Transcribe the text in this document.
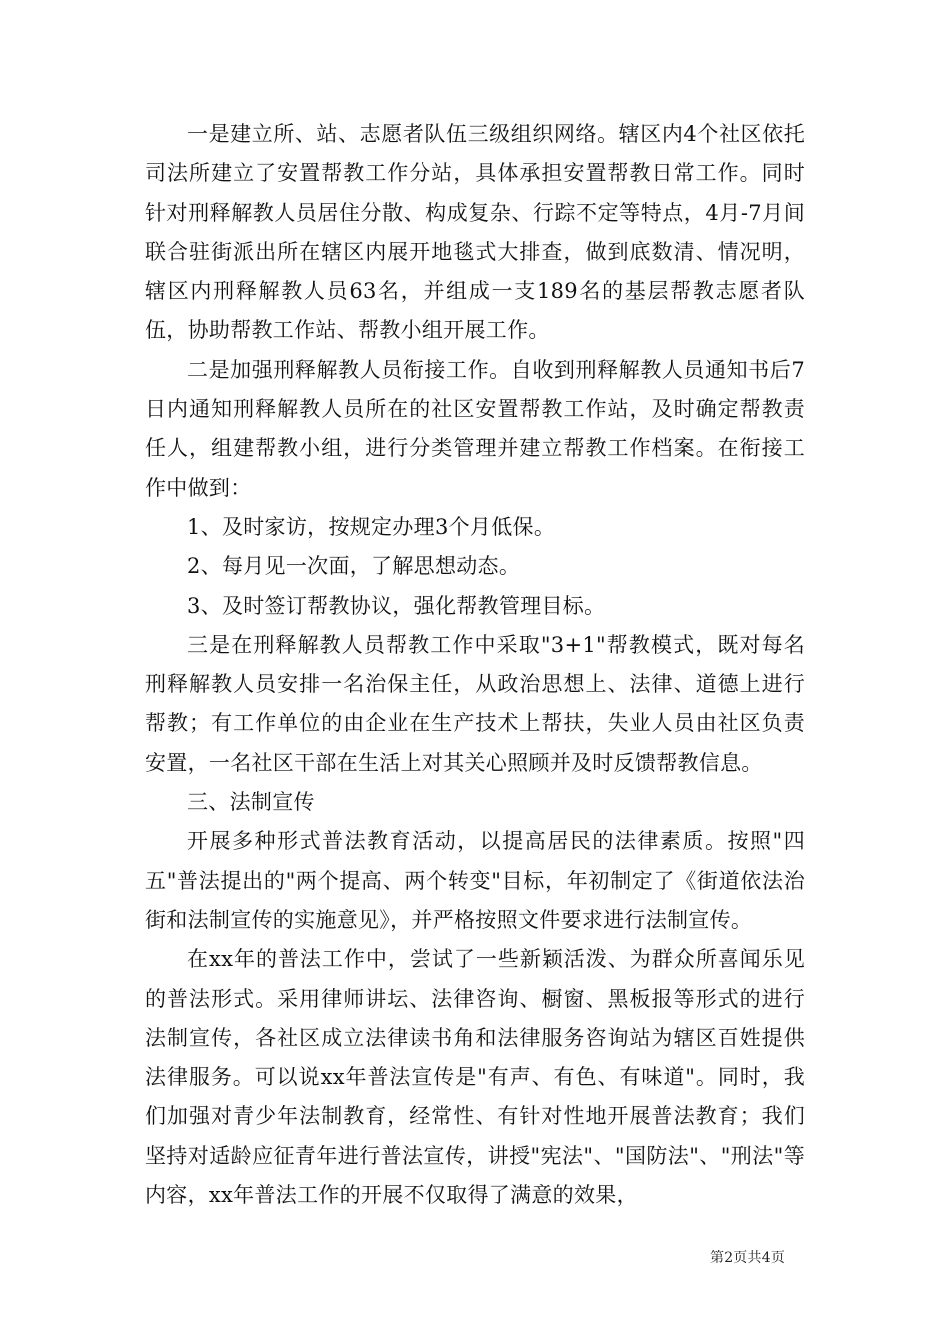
一是建立所、站、志愿者队伍三级组织网络。辖区内4个社区依托司法所建立了安置帮教工作分站，具体承担安置帮教日常工作。同时针对刑释解教人员居住分散、构成复杂、行踪不定等特点，4月-7月间联合驻街派出所在辖区内展开地毯式大排查，做到底数清、情况明，辖区内刑释解教人员63名，并组成一支189名的基层帮教志愿者队伍，协助帮教工作站、帮教小组开展工作。

二是加强刑释解教人员衔接工作。自收到刑释解教人员通知书后7日内通知刑释解教人员所在的社区安置帮教工作站，及时确定帮教责任人，组建帮教小组，进行分类管理并建立帮教工作档案。在衔接工作中做到：

1、及时家访，按规定办理3个月低保。

2、每月见一次面，了解思想动态。

3、及时签订帮教协议，强化帮教管理目标。

三是在刑释解教人员帮教工作中采取"3+1"帮教模式，既对每名刑释解教人员安排一名治保主任，从政治思想上、法律、道德上进行帮教；有工作单位的由企业在生产技术上帮扶，失业人员由社区负责安置，一名社区干部在生活上对其关心照顾并及时反馈帮教信息。

三、法制宣传

开展多种形式普法教育活动，以提高居民的法律素质。按照"四五"普法提出的"两个提高、两个转变"目标，年初制定了《街道依法治街和法制宣传的实施意见》，并严格按照文件要求进行法制宣传。

在xx年的普法工作中，尝试了一些新颖活泼、为群众所喜闻乐见的普法形式。采用律师讲坛、法律咨询、橱窗、黑板报等形式的进行法制宣传，各社区成立法律读书角和法律服务咨询站为辖区百姓提供法律服务。可以说xx年普法宣传是"有声、有色、有味道"。同时，我们加强对青少年法制教育，经常性、有针对性地开展普法教育；我们坚持对适龄应征青年进行普法宣传，讲授"宪法"、"国防法"、"刑法"等内容，xx年普法工作的开展不仅取得了满意的效果，

第2页共4页
